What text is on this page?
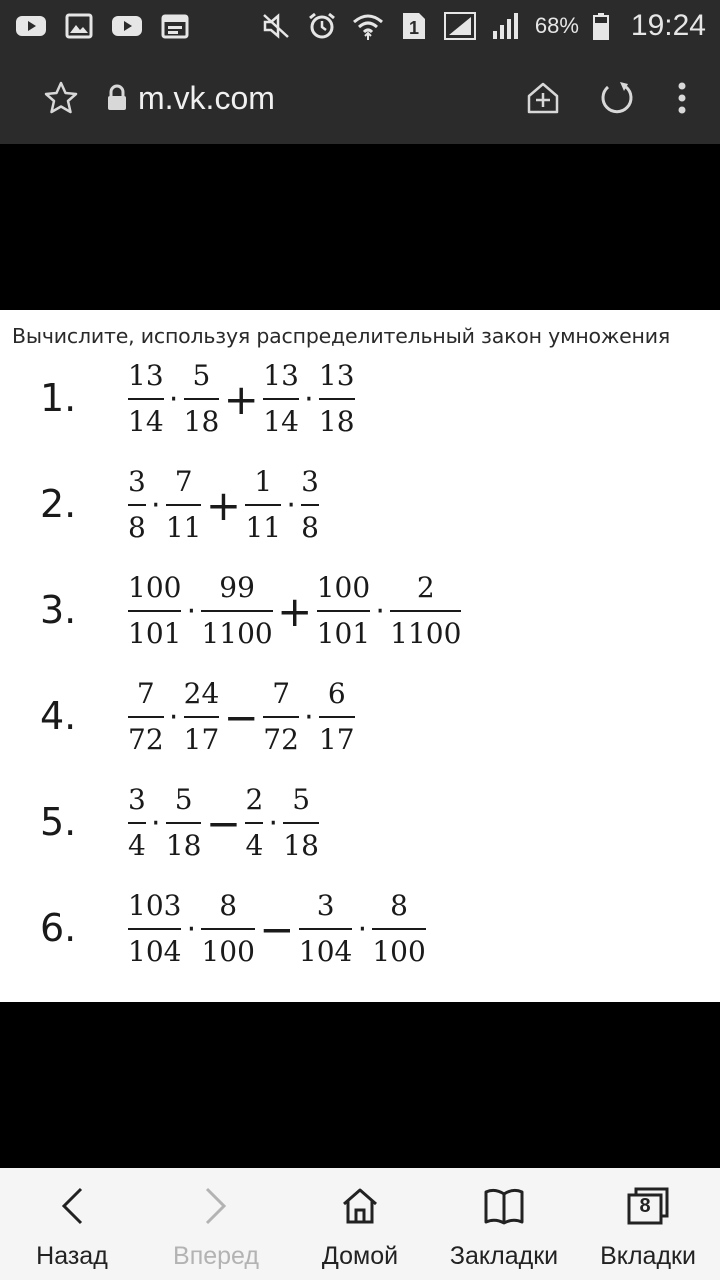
1	68% 19:24
m.vk.com
Вычислите, используя распределительный закон умножения
1. $\frac{13}{14} \cdot \frac{5}{18} + \frac{13}{14} \cdot \frac{13}{18}$
2. $\frac{3}{8} \cdot \frac{7}{11} + \frac{1}{11} \cdot \frac{3}{8}$
3. $\frac{100}{101} \cdot \frac{99}{1100} + \frac{100}{101} \cdot \frac{2}{1100}$
4. $\frac{7}{72} \cdot \frac{24}{17} - \frac{7}{72} \cdot \frac{6}{17}$
5. $\frac{3}{4} \cdot \frac{5}{18} - \frac{2}{4} \cdot \frac{5}{18}$
6. $\frac{103}{104} \cdot \frac{8}{100} - \frac{3}{104} \cdot \frac{8}{100}$
Назад	Вперед	Домой Закладки
8
Вкладки
